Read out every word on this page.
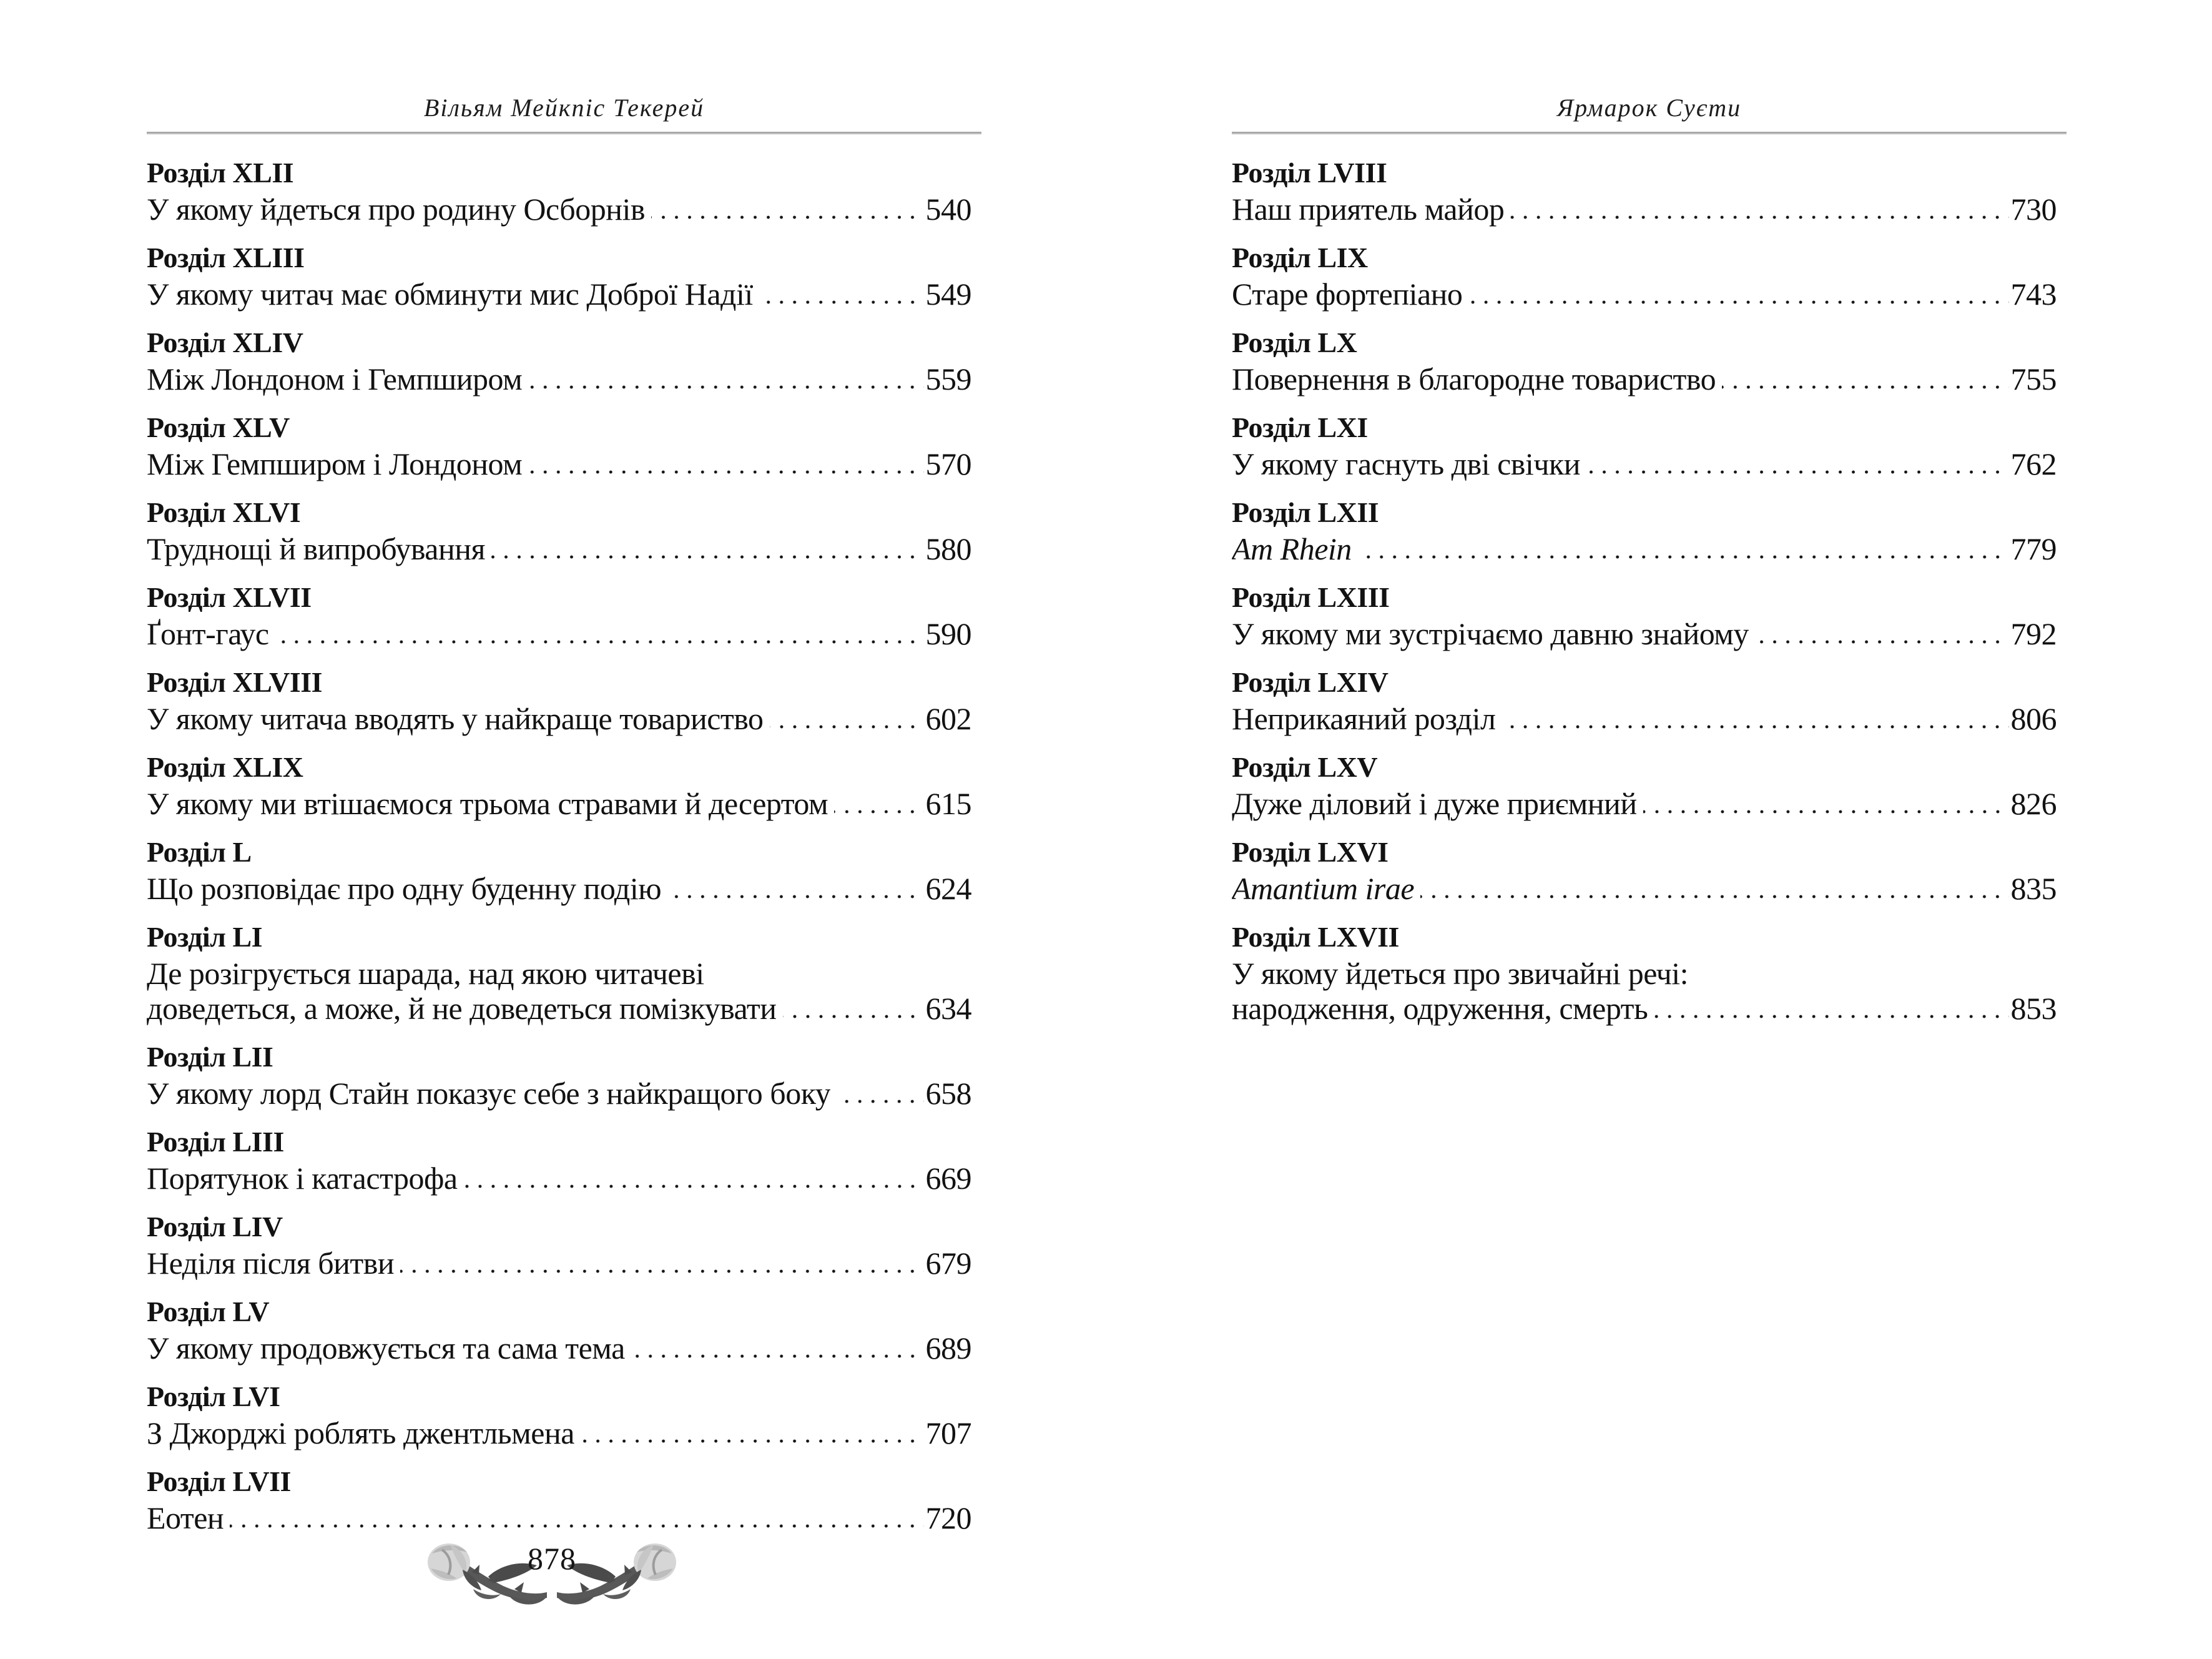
Вільям Мейкпіс Текерей
Розділ XLII
У якому йдеться про родину Осборнів	540
Розділ XLIII
У якому читач має обминути мис Доброї Надії	549
Розділ XLIV
Між Лондоном і Гемпширом	559
Розділ XLV
Між Гемпширом і Лондоном	570
Розділ XLVI
Труднощі й випробування	580
Розділ XLVII
Ґонт-гаус	590
Розділ XLVIII
У якому читача вводять у найкраще товариство	602
Розділ XLIX
У якому ми втішаємося трьома стравами й десертом	615
Розділ L
Що розповідає про одну буденну подію	624
Розділ LI
Де розігрується шарада, над якою читачеві
доведеться, а може, й не доведеться помізкувати	634
Розділ LII
У якому лорд Стайн показує себе з найкращого боку	658
Розділ LIII
Порятунок і катастрофа	669
Розділ LIV
Неділя після битви	679
Розділ LV
У якому продовжується та сама тема	689
Розділ LVI
З Джорджі роблять джентльмена	707
Розділ LVII
Еотен	720
Ярмарок Суєти
Розділ LVIII
Наш приятель майор	730
Розділ LIX
Старе фортепіано	743
Розділ LX
Повернення в благородне товариство	755
Розділ LXI
У якому гаснуть дві свічки	762
Розділ LXII
Am Rhein	779
Розділ LXIII
У якому ми зустрічаємо давню знайому	792
Розділ LXIV
Неприкаяний розділ	806
Розділ LXV
Дуже діловий і дуже приємний	826
Розділ LXVI
Amantium irae	835
Розділ LXVII
У якому йдеться про звичайні речі:
народження, одруження, смерть	853
878
